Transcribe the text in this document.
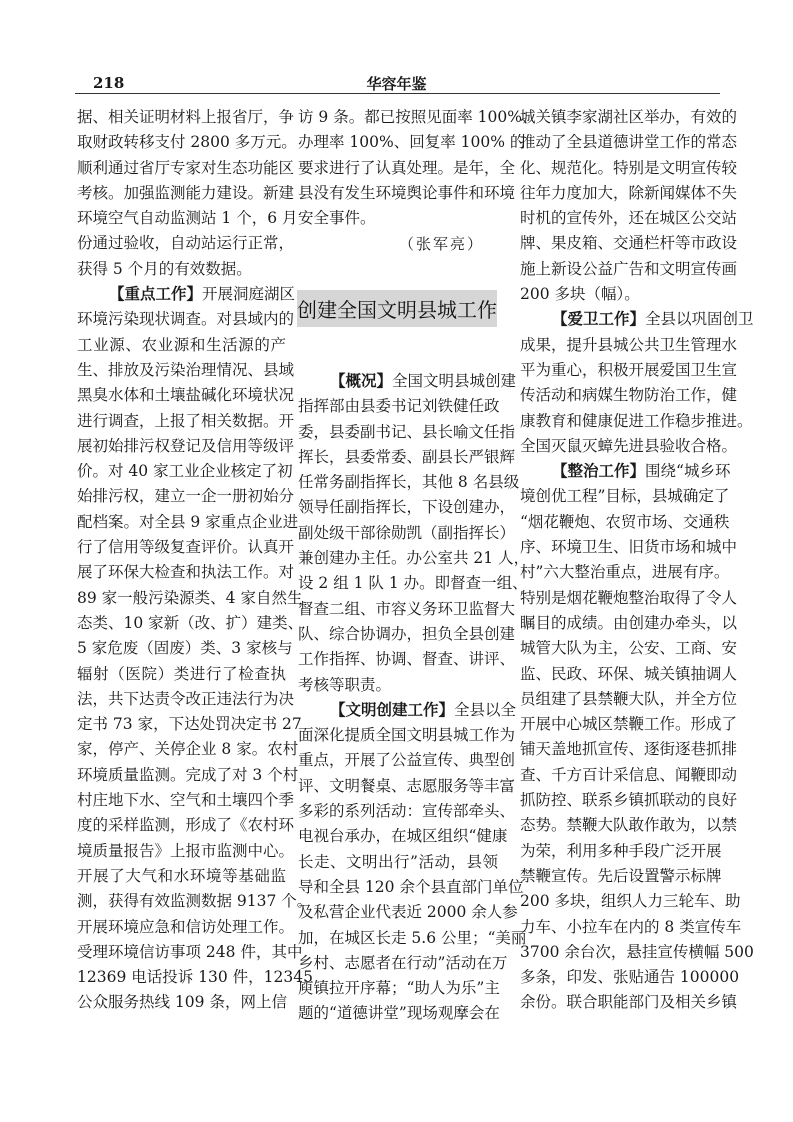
218	华容年鉴
据、相关证明材料上报省厅，争
取财政转移支付 2800 多万元。
顺利通过省厅专家对生态功能区
考核。加强监测能力建设。新建
环境空气自动监测站 1 个，6 月
份通过验收，自动站运行正常，
获得 5 个月的有效数据。
【重点工作】开展洞庭湖区
环境污染现状调查。对县域内的
工业源、农业源和生活源的产
生、排放及污染治理情况、县域
黑臭水体和土壤盐碱化环境状况
进行调查，上报了相关数据。开
展初始排污权登记及信用等级评
价。对 40 家工业企业核定了初
始排污权，建立一企一册初始分
配档案。对全县 9 家重点企业进
行了信用等级复查评价。认真开
展了环保大检查和执法工作。对
89 家一般污染源类、4 家自然生
态类、10 家新（改、扩）建类、
5 家危废（固废）类、3 家核与
辐射（医院）类进行了检查执
法，共下达责令改正违法行为决
定书 73 家，下达处罚决定书 27
家，停产、关停企业 8 家。农村
环境质量监测。完成了对 3 个村
村庄地下水、空气和土壤四个季
度的采样监测，形成了《农村环
境质量报告》上报市监测中心。
开展了大气和水环境等基础监
测，获得有效监测数据 9137 个。
开展环境应急和信访处理工作。
受理环境信访事项 248 件，其中
12369 电话投诉 130 件，12345
公众服务热线 109 条，网上信
访 9 条。都已按照见面率 100%、
办理率 100%、回复率 100% 的
要求进行了认真处理。是年，全
县没有发生环境舆论事件和环境
安全事件。
（张军亮）
创建全国文明县城工作
【概况】全国文明县城创建
指挥部由县委书记刘铁健任政
委，县委副书记、县长喻文任指
挥长，县委常委、副县长严银辉
任常务副指挥长，其他 8 名县级
领导任副指挥长，下设创建办，
副处级干部徐勋凯（副指挥长）
兼创建办主任。办公室共 21 人，
设 2 组 1 队 1 办。即督查一组、
督查二组、市容义务环卫监督大
队、综合协调办，担负全县创建
工作指挥、协调、督查、讲评、
考核等职责。
【文明创建工作】全县以全
面深化提质全国文明县城工作为
重点，开展了公益宣传、典型创
评、文明餐桌、志愿服务等丰富
多彩的系列活动：宣传部牵头、
电视台承办，在城区组织“健康
长走、文明出行”活动，县领
导和全县 120 余个县直部门单位
及私营企业代表近 2000 余人参
加，在城区长走 5.6 公里；“美丽
乡村、志愿者在行动”活动在万
庾镇拉开序幕；“助人为乐”主
题的“道德讲堂”现场观摩会在
城关镇李家湖社区举办，有效的
推动了全县道德讲堂工作的常态
化、规范化。特别是文明宣传较
往年力度加大，除新闻媒体不失
时机的宣传外，还在城区公交站
牌、果皮箱、交通栏杆等市政设
施上新设公益广告和文明宣传画
200 多块（幅）。
【爱卫工作】全县以巩固创卫
成果，提升县城公共卫生管理水
平为重心，积极开展爱国卫生宣
传活动和病媒生物防治工作，健
康教育和健康促进工作稳步推进。
全国灭鼠灭蟑先进县验收合格。
【整治工作】围绕“城乡环
境创优工程”目标，县城确定了
“烟花鞭炮、农贸市场、交通秩
序、环境卫生、旧货市场和城中
村”六大整治重点，进展有序。
特别是烟花鞭炮整治取得了令人
瞩目的成绩。由创建办牵头，以
城管大队为主，公安、工商、安
监、民政、环保、城关镇抽调人
员组建了县禁鞭大队，并全方位
开展中心城区禁鞭工作。形成了
铺天盖地抓宣传、逐街逐巷抓排
查、千方百计采信息、闻鞭即动
抓防控、联系乡镇抓联动的良好
态势。禁鞭大队敢作敢为，以禁
为荣，利用多种手段广泛开展
禁鞭宣传。先后设置警示标牌
200 多块，组织人力三轮车、助
力车、小拉车在内的 8 类宣传车
3700 余台次，悬挂宣传横幅 500
多条，印发、张贴通告 100000
余份。联合职能部门及相关乡镇
